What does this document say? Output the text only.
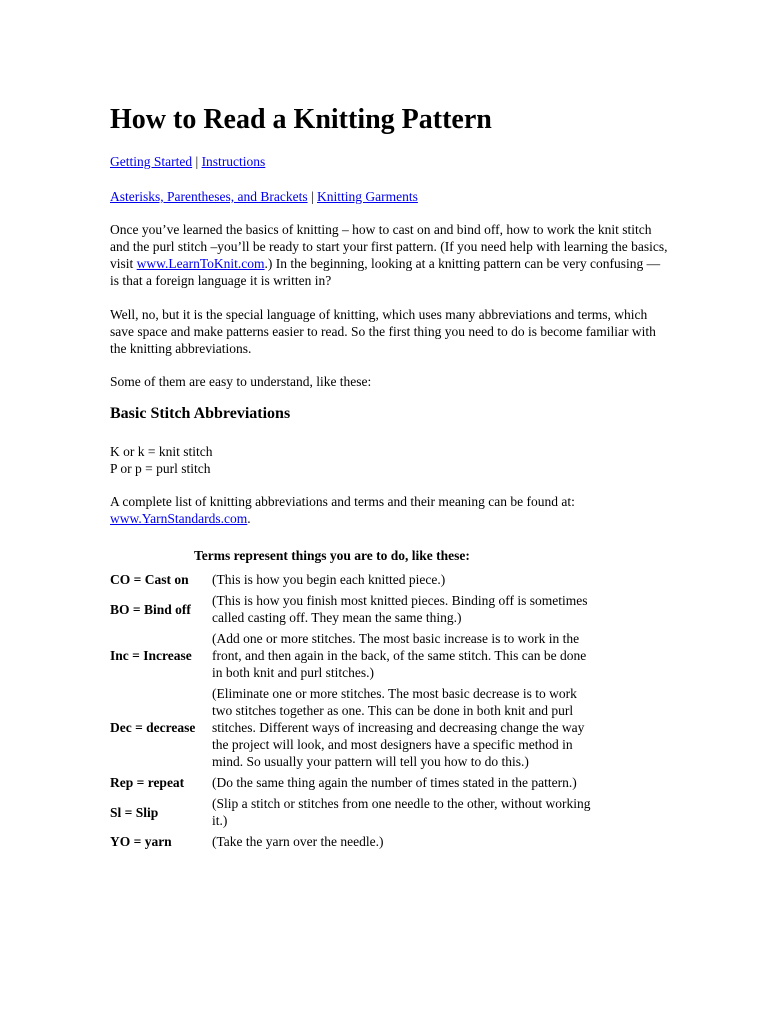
How to Read a Knitting Pattern

Getting Started | Instructions

Asterisks, Parentheses, and Brackets | Knitting Garments

Once you’ve learned the basics of knitting – how to cast on and bind off, how to work the knit stitch and the purl stitch –you’ll be ready to start your first pattern. (If you need help with learning the basics, visit www.LearnToKnit.com.) In the beginning, looking at a knitting pattern can be very confusing — is that a foreign language it is written in?

Well, no, but it is the special language of knitting, which uses many abbreviations and terms, which save space and make patterns easier to read. So the first thing you need to do is become familiar with the knitting abbreviations.

Some of them are easy to understand, like these:

Basic Stitch Abbreviations

K or k = knit stitch
P or p = purl stitch

A complete list of knitting abbreviations and terms and their meaning can be found at:
www.YarnStandards.com.

Terms represent things you are to do, like these:

CO = Cast on	(This is how you begin each knitted piece.)
BO = Bind off	(This is how you finish most knitted pieces. Binding off is sometimes
called casting off. They mean the same thing.)
Inc = Increase	(Add one or more stitches. The most basic increase is to work in the front, and then again in the back, of the same stitch. This can be done in both knit and purl stitches.)
Dec = decrease	(Eliminate one or more stitches. The most basic decrease is to work two stitches together as one. This can be done in both knit and purl stitches. Different ways of increasing and decreasing change the way the project will look, and most designers have a specific method in mind. So usually your pattern will tell you how to do this.)
Rep = repeat	(Do the same thing again the number of times stated in the pattern.)
Sl = Slip	(Slip a stitch or stitches from one needle to the other, without working it.)
YO = yarn	(Take the yarn over the needle.)
